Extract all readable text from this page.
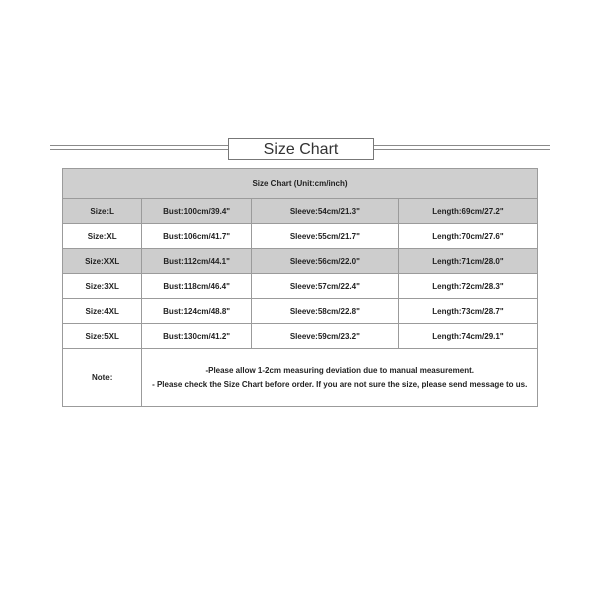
Size Chart
Size Chart (Unit:cm/inch)			
Size:L	Bust:100cm/39.4"	Sleeve:54cm/21.3"	Length:69cm/27.2"
Size:XL	Bust:106cm/41.7"	Sleeve:55cm/21.7"	Length:70cm/27.6"
Size:XXL	Bust:112cm/44.1"	Sleeve:56cm/22.0"	Length:71cm/28.0"
Size:3XL	Bust:118cm/46.4"	Sleeve:57cm/22.4"	Length:72cm/28.3"
Size:4XL	Bust:124cm/48.8"	Sleeve:58cm/22.8"	Length:73cm/28.7"
Size:5XL	Bust:130cm/41.2"	Sleeve:59cm/23.2"	Length:74cm/29.1"
Note:	-Please allow 1-2cm measuring deviation due to manual measurement.
- Please check the Size Chart before order. If you are not sure the size, please send message to us.		
